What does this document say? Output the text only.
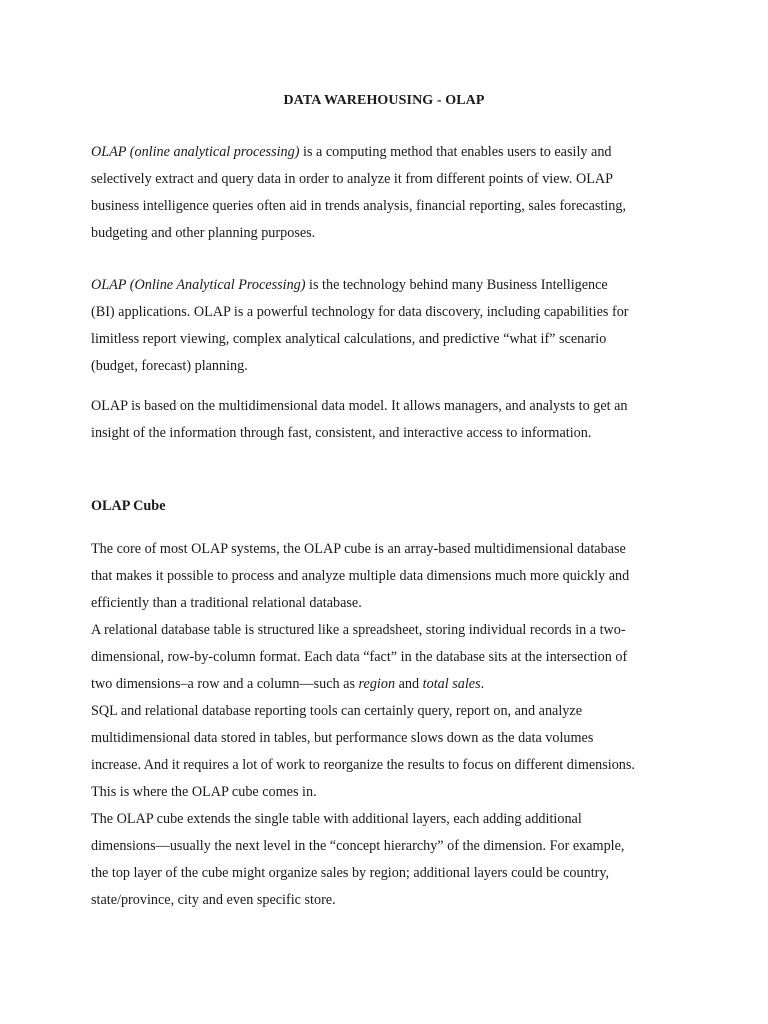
DATA WAREHOUSING - OLAP
OLAP (online analytical processing) is a computing method that enables users to easily and
selectively extract and query data in order to analyze it from different points of view. OLAP
business intelligence queries often aid in trends analysis, financial reporting, sales forecasting,
budgeting and other planning purposes.
OLAP (Online Analytical Processing) is the technology behind many Business Intelligence
(BI) applications. OLAP is a powerful technology for data discovery, including capabilities for
limitless report viewing, complex analytical calculations, and predictive “what if” scenario
(budget, forecast) planning.
OLAP is based on the multidimensional data model. It allows managers, and analysts to get an
insight of the information through fast, consistent, and interactive access to information.
OLAP Cube
The core of most OLAP systems, the OLAP cube is an array-based multidimensional database
that makes it possible to process and analyze multiple data dimensions much more quickly and
efficiently than a traditional relational database.
A relational database table is structured like a spreadsheet, storing individual records in a two-
dimensional, row-by-column format. Each data “fact” in the database sits at the intersection of
two dimensions–a row and a column—such as region and total sales.
SQL and relational database reporting tools can certainly query, report on, and analyze
multidimensional data stored in tables, but performance slows down as the data volumes
increase. And it requires a lot of work to reorganize the results to focus on different dimensions.
This is where the OLAP cube comes in.
The OLAP cube extends the single table with additional layers, each adding additional
dimensions—usually the next level in the “concept hierarchy” of the dimension. For example,
the top layer of the cube might organize sales by region; additional layers could be country,
state/province, city and even specific store.
